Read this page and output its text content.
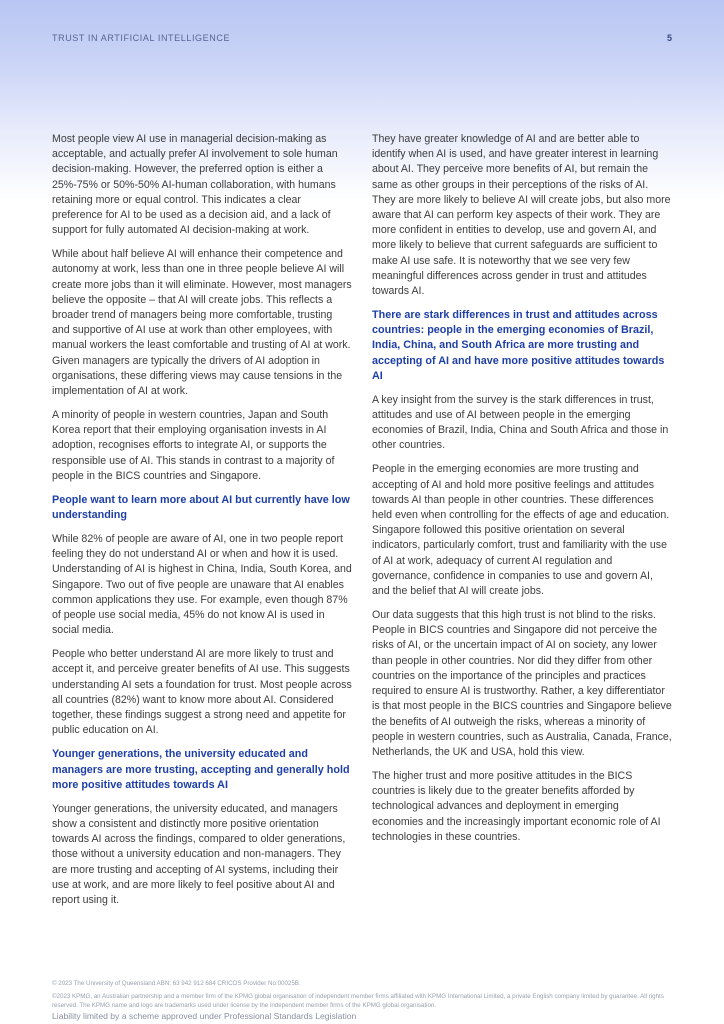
TRUST IN ARTIFICIAL INTELLIGENCE	5

Most people view AI use in managerial decision-making as acceptable, and actually prefer AI involvement to sole human decision-making. However, the preferred option is either a 25%-75% or 50%-50% AI-human collaboration, with humans retaining more or equal control. This indicates a clear preference for AI to be used as a decision aid, and a lack of support for fully automated AI decision-making at work.

While about half believe AI will enhance their competence and autonomy at work, less than one in three people believe AI will create more jobs than it will eliminate. However, most managers believe the opposite – that AI will create jobs. This reflects a broader trend of managers being more comfortable, trusting and supportive of AI use at work than other employees, with manual workers the least comfortable and trusting of AI at work. Given managers are typically the drivers of AI adoption in organisations, these differing views may cause tensions in the implementation of AI at work.

A minority of people in western countries, Japan and South Korea report that their employing organisation invests in AI adoption, recognises efforts to integrate AI, or supports the responsible use of AI. This stands in contrast to a majority of people in the BICS countries and Singapore.

People want to learn more about AI but currently have low understanding

While 82% of people are aware of AI, one in two people report feeling they do not understand AI or when and how it is used. Understanding of AI is highest in China, India, South Korea, and Singapore. Two out of five people are unaware that AI enables common applications they use. For example, even though 87% of people use social media, 45% do not know AI is used in social media.

People who better understand AI are more likely to trust and accept it, and perceive greater benefits of AI use. This suggests understanding AI sets a foundation for trust. Most people across all countries (82%) want to know more about AI. Considered together, these findings suggest a strong need and appetite for public education on AI.

Younger generations, the university educated and managers are more trusting, accepting and generally hold more positive attitudes towards AI

Younger generations, the university educated, and managers show a consistent and distinctly more positive orientation towards AI across the findings, compared to older generations, those without a university education and non-managers. They are more trusting and accepting of AI systems, including their use at work, and are more likely to feel positive about AI and report using it.

They have greater knowledge of AI and are better able to identify when AI is used, and have greater interest in learning about AI. They perceive more benefits of AI, but remain the same as other groups in their perceptions of the risks of AI. They are more likely to believe AI will create jobs, but also more aware that AI can perform key aspects of their work. They are more confident in entities to develop, use and govern AI, and more likely to believe that current safeguards are sufficient to make AI use safe. It is noteworthy that we see very few meaningful differences across gender in trust and attitudes towards AI.

There are stark differences in trust and attitudes across countries: people in the emerging economies of Brazil, India, China, and South Africa are more trusting and accepting of AI and have more positive attitudes towards AI

A key insight from the survey is the stark differences in trust, attitudes and use of AI between people in the emerging economies of Brazil, India, China and South Africa and those in other countries.

People in the emerging economies are more trusting and accepting of AI and hold more positive feelings and attitudes towards AI than people in other countries. These differences held even when controlling for the effects of age and education. Singapore followed this positive orientation on several indicators, particularly comfort, trust and familiarity with the use of AI at work, adequacy of current AI regulation and governance, confidence in companies to use and govern AI, and the belief that AI will create jobs.

Our data suggests that this high trust is not blind to the risks. People in BICS countries and Singapore did not perceive the risks of AI, or the uncertain impact of AI on society, any lower than people in other countries. Nor did they differ from other countries on the importance of the principles and practices required to ensure AI is trustworthy. Rather, a key differentiator is that most people in the BICS countries and Singapore believe the benefits of AI outweigh the risks, whereas a minority of people in western countries, such as Australia, Canada, France, Netherlands, the UK and USA, hold this view.

The higher trust and more positive attitudes in the BICS countries is likely due to the greater benefits afforded by technological advances and deployment in emerging economies and the increasingly important economic role of AI technologies in these countries.

© 2023 The University of Queensland ABN: 63 942 912 684 CRICOS Provider No:00025B.
©2023 KPMG, an Australian partnership and a member firm of the KPMG global organisation of independent member firms affiliated with KPMG International Limited, a private English company limited by guarantee. All rights reserved. The KPMG name and logo are trademarks used under license by the independent member firms of the KPMG global organisation.
Liability limited by a scheme approved under Professional Standards Legislation
